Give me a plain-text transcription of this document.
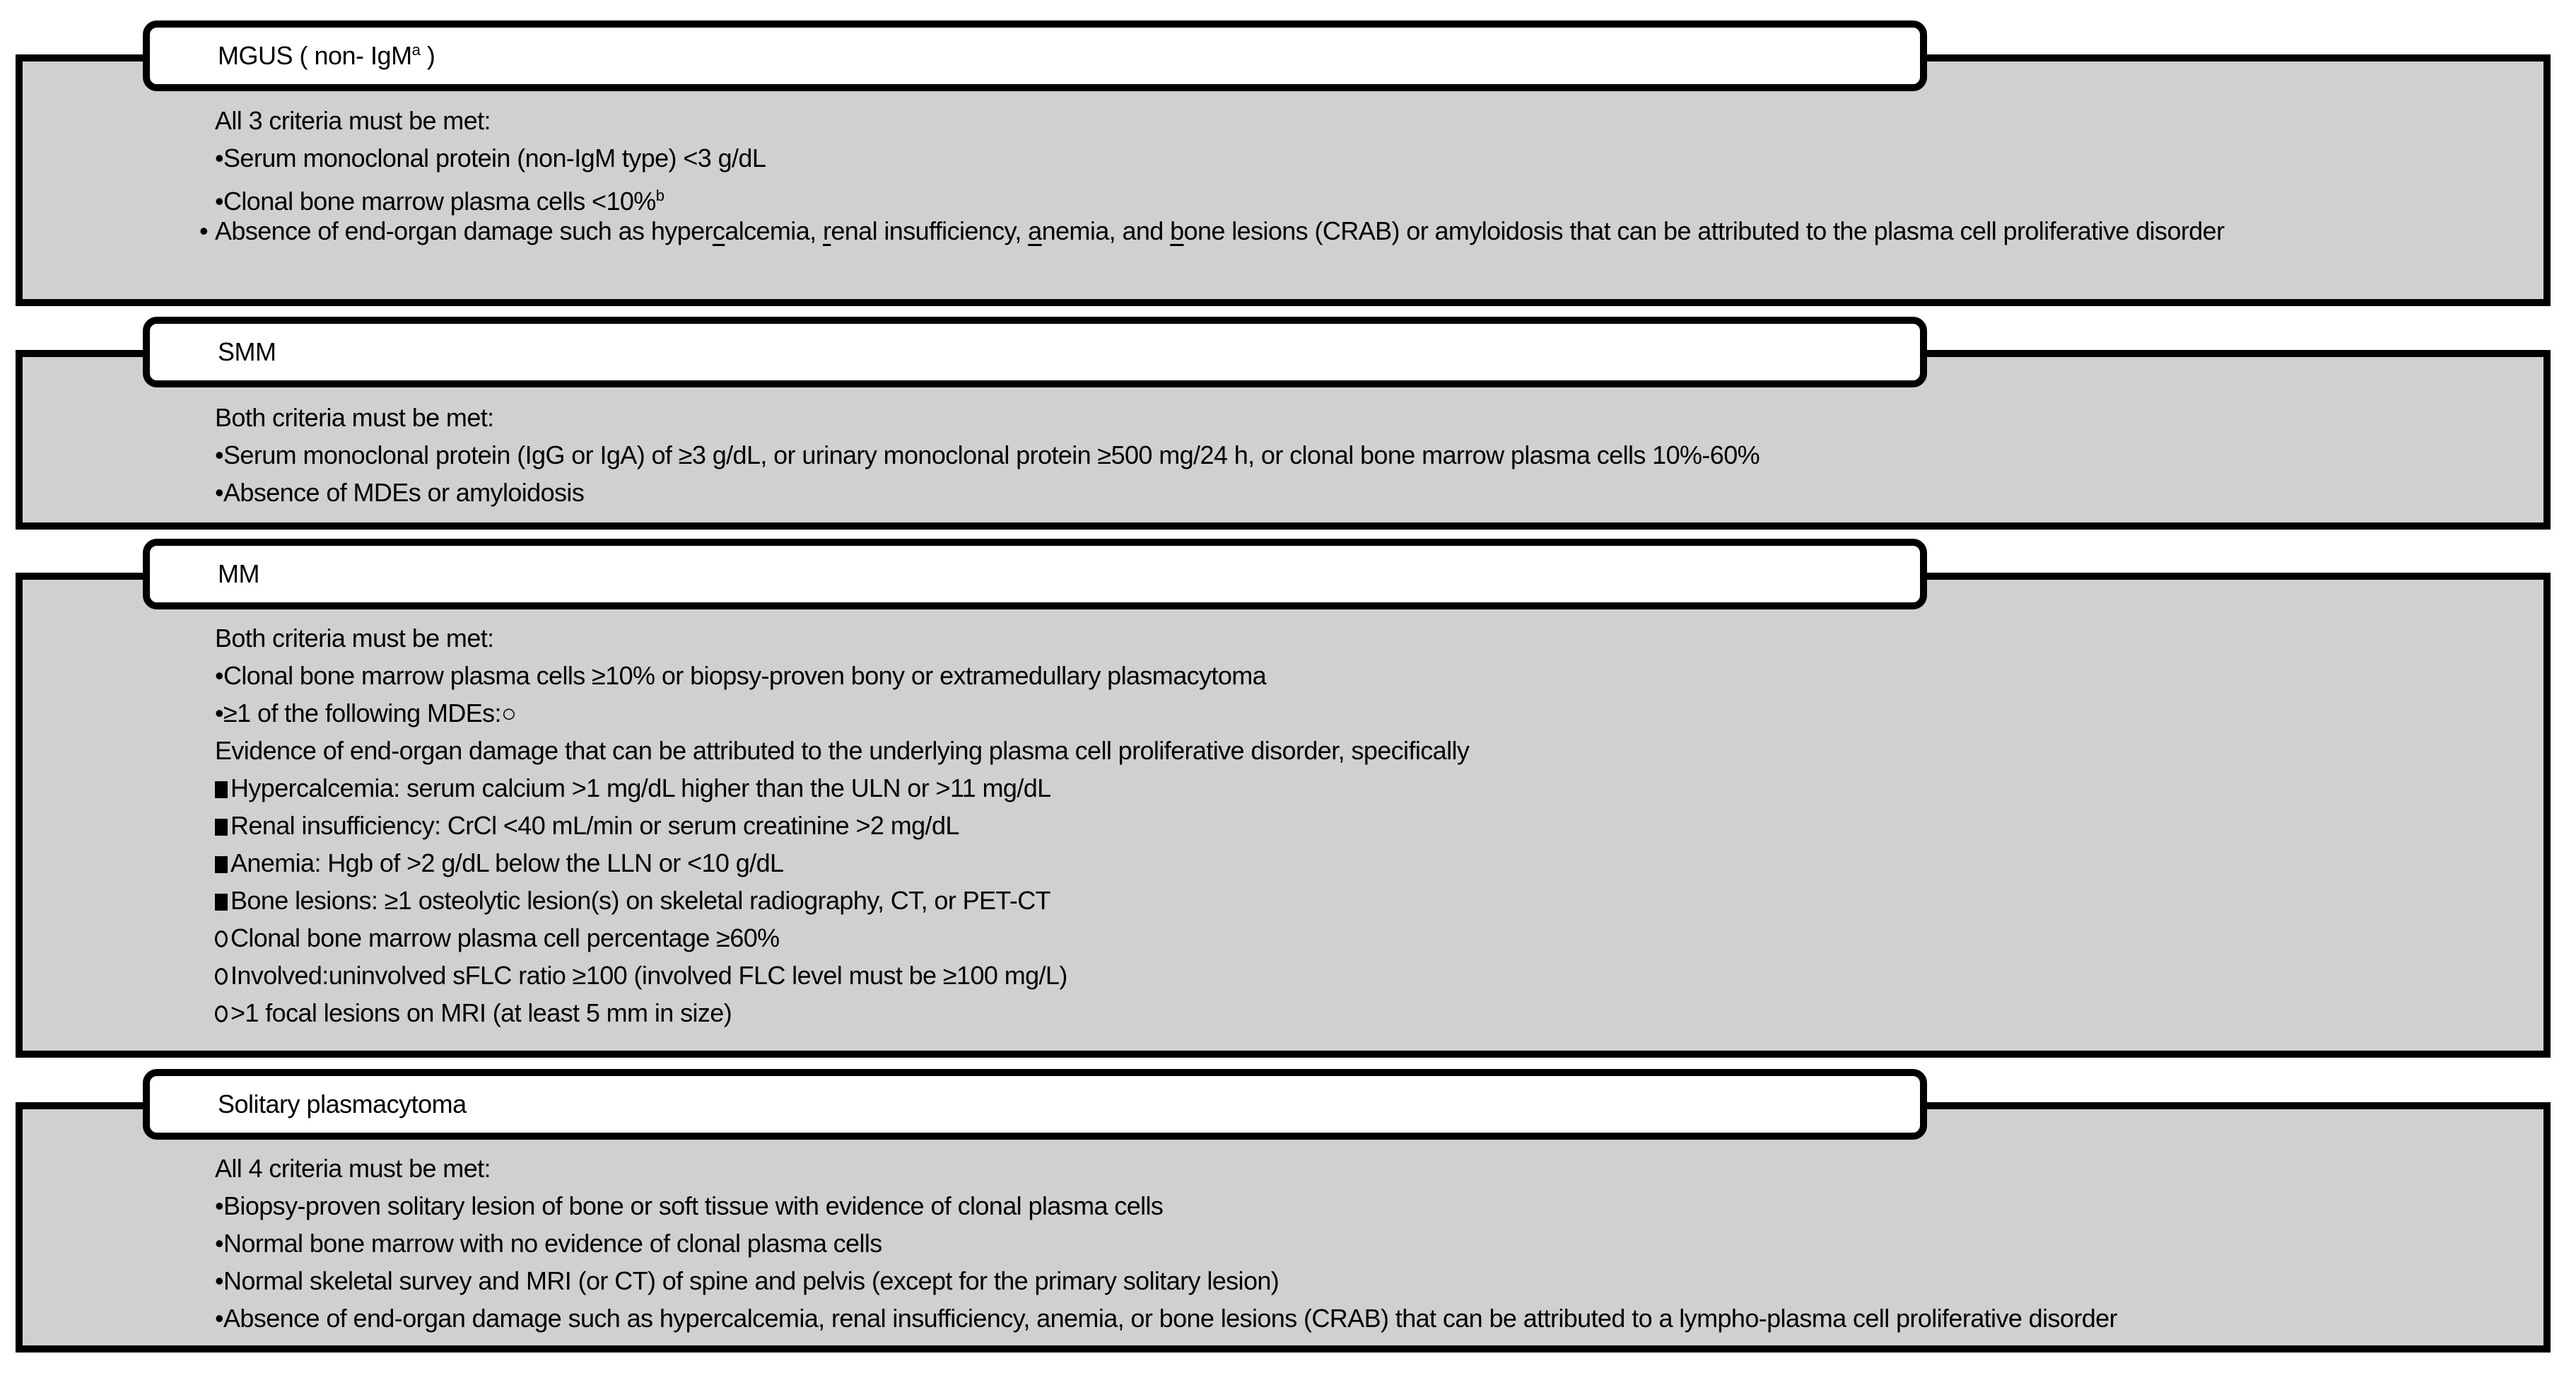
MGUS ( non- IgM$^a$ )
All 3 criteria must be met:
•Serum monoclonal protein (non-IgM type) <3 g/dL
•Clonal bone marrow plasma cells <10%$^b$
Absence of end-organ damage such as hypercalcemia, renal insufficiency, anemia, and bone lesions (CRAB) or amyloidosis that can be attributed to the plasma cell proliferative disorder
SMM
Both criteria must be met:
•Serum monoclonal protein (IgG or IgA) of ≥3 g/dL, or urinary monoclonal protein ≥500 mg/24 h, or clonal bone marrow plasma cells 10%-60%
•Absence of MDEs or amyloidosis
MM
Both criteria must be met:
•Clonal bone marrow plasma cells ≥10% or biopsy-proven bony or extramedullary plasmacytoma
•≥1 of the following MDEs:○
Evidence of end-organ damage that can be attributed to the underlying plasma cell proliferative disorder, specifically
Hypercalcemia: serum calcium >1 mg/dL higher than the ULN or >11 mg/dL
Renal insufficiency: CrCl <40 mL/min or serum creatinine >2 mg/dL
Anemia: Hgb of >2 g/dL below the LLN or <10 g/dL
Bone lesions: ≥1 osteolytic lesion(s) on skeletal radiography, CT, or PET-CT
Clonal bone marrow plasma cell percentage ≥60%
Involved:uninvolved sFLC ratio ≥100 (involved FLC level must be ≥100 mg/L)
>1 focal lesions on MRI (at least 5 mm in size)
Solitary plasmacytoma
All 4 criteria must be met:
•Biopsy-proven solitary lesion of bone or soft tissue with evidence of clonal plasma cells
•Normal bone marrow with no evidence of clonal plasma cells
•Normal skeletal survey and MRI (or CT) of spine and pelvis (except for the primary solitary lesion)
•Absence of end-organ damage such as hypercalcemia, renal insufficiency, anemia, or bone lesions (CRAB) that can be attributed to a lympho-plasma cell proliferative disorder
